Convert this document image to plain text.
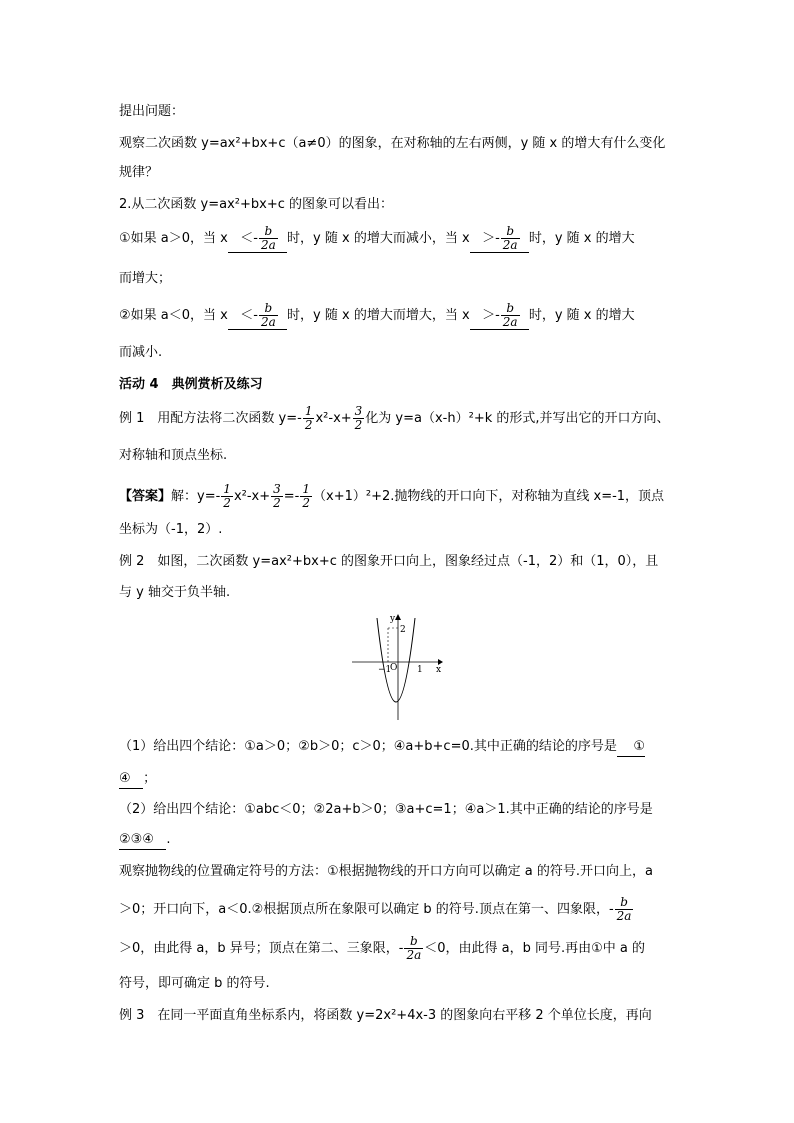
提出问题：
观察二次函数 y=ax²+bx+c（a≠0）的图象，在对称轴的左右两侧，y 随 x 的增大有什么变化
规律？
2.从二次函数 y=ax²+bx+c 的图象可以看出：
①如果 a＞0，当 $x <- \frac{b}{2a}$ 时，y 随 x 的增大而减小，当 $x >- \frac{b}{2a}$ 时，y 随 x 的增大
而增大；
②如果 a＜0，当 $x <- \frac{b}{2a}$ 时，y 随 x 的增大而增大，当 $x >- \frac{b}{2a}$ 时，y 随 x 的增大
而减小.
活动 4　典例赏析及练习
例 1　用配方法将二次函数 $y=- \frac{1}{2} x^2-x+ \frac{3}{2}$ 化为 y=a（x-h）²+k 的形式,并写出它的开口方向、
对称轴和顶点坐标.
【答案】解：$y=- \frac{1}{2} x^2-x+ \frac{3}{2} =- \frac{1}{2} (x+1)^2+2$.抛物线的开口向下，对称轴为直线 x=-1，顶点
坐标为（-1，2）.
例 2　如图，二次函数 y=ax²+bx+c 的图象开口向上，图象经过点（-1，2）和（1，0），且
与 y 轴交于负半轴.
y
x
2
−1
O 1
（1）给出四个结论：①a＞0；②b＞0；c＞0；④a+b+c=0.其中正确的结论的序号是 ①
④ ；
（2）给出四个结论：①abc＜0；②2a+b＞0；③a+c=1；④a＞1.其中正确的结论的序号是
②③④ .
观察抛物线的位置确定符号的方法：①根据抛物线的开口方向可以确定 a 的符号.开口向上，a
＞0；开口向下，a＜0.②根据顶点所在象限可以确定 b 的符号.顶点在第一、四象限，- $\frac{b}{2a}$
＞0，由此得 a，b 异号；顶点在第二、三象限，- $\frac{b}{2a} <0$，由此得 a，b 同号.再由①中 a 的
符号，即可确定 b 的符号.
例 3　在同一平面直角坐标系内，将函数 y=2x²+4x-3 的图象向右平移 2 个单位长度，再向
